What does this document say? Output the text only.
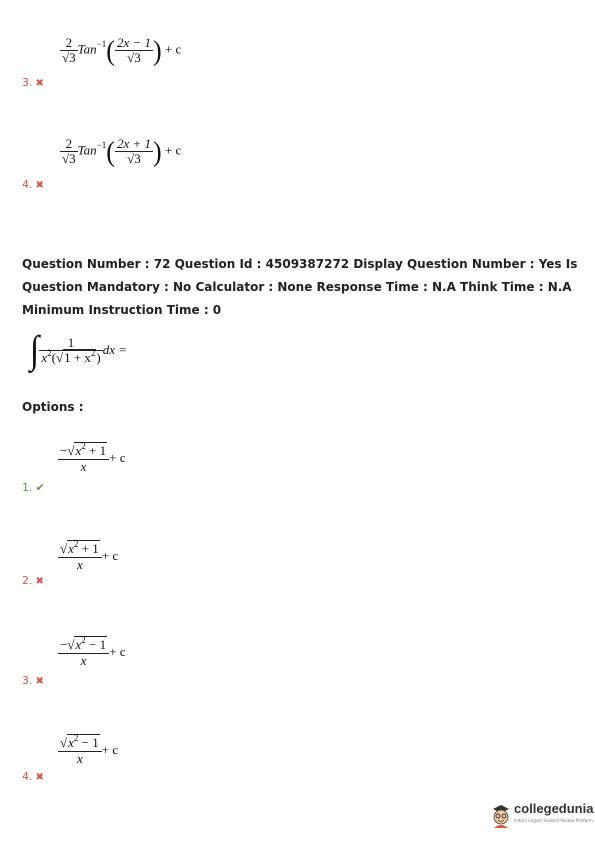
$\frac{2}{√3} Tan^{-1}( \frac{2x - 1}{√3}$ ) + c
3. ✖
$\frac{2}{√3} Tan^{-1}( \frac{2x + 1}{√3}$ ) + c
4. ✖
Question Number : 72 Question Id : 4509387272 Display Question Number : Yes Is Question Mandatory : No Calculator : None Response Time : N.A Think Time : N.A Minimum Instruction Time : 0
∫ $\frac{1}{x^2(√1 + x^2)}$ dx =
Options :
$\frac{-√x^2 + 1}{x} + c$
1. ✔
$\frac{√x^2 + 1}{x} + c$
2. ✖
$\frac{-√x^2 - 1}{x} + c$
3. ✖
$\frac{√x^2 - 1}{x} + c$
4. ✖
collegedunia
India's largest Student Review Platform
